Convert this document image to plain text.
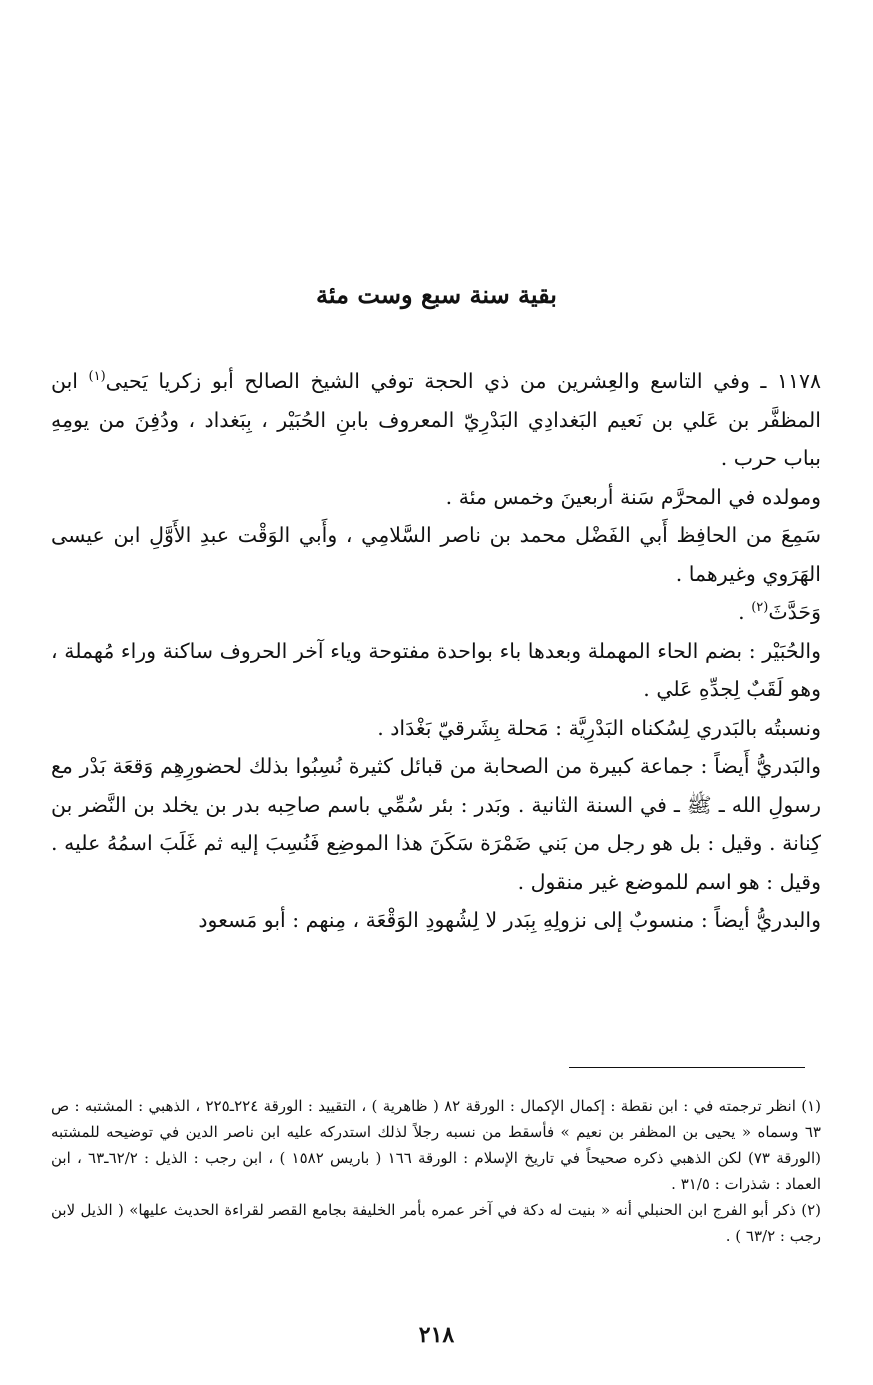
بقية سنة سبع وست مئة

١١٧٨ ـ وفي التاسع والعِشرين من ذي الحجة توفي الشيخ الصالح أبو زكريا يَحيى$^{(١)}$ ابن المظفَّر بن عَلي بن نَعيم البَغدادِي البَدْرِيّ المعروف بابنِ الحُبَيْر ، بِبَغداد ، ودُفِنَ من يومِهِ بباب حرب .

ومولده في المحرَّم سَنة أربعينَ وخمس مئة .

سَمِعَ من الحافِظ أَبي الفَضْل محمد بن ناصر السَّلامِي ، وأَبي الوَقْت عبدِ الأَوَّلِ ابن عيسى الهَرَوي وغيرهما .

وَحَدَّثَ$^{(٢)}$ .

والحُبَيْر : بضم الحاء المهملة وبعدها باء بواحدة مفتوحة وياء آخر الحروف ساكنة وراء مُهملة ، وهو لَقَبٌ لِجدِّهِ عَلي .

ونسبتُه بالبَدري لِسُكناه البَدْرِيَّة : مَحلة بِشَرقيّ بَغْدَاد .

والبَدريُّ أَيضاً : جماعة كبيرة من الصحابة من قبائل كثيرة نُسِبُوا بذلك لحضورِهِم وَقعَة بَدْر مع رسولِ الله ـ ﷺ ـ في السنة الثانية . وبَدر : بئر سُمِّي باسم صاحِبه بدر بن يخلد بن النَّضر بن كِنانة . وقيل : بل هو رجل من بَني ضَمْرَة سَكَنَ هذا الموضِع فَنُسِبَ إليه ثم غَلَبَ اسمُهُ عليه . وقيل : هو اسم للموضع غير منقول .

والبدريُّ أيضاً : منسوبٌ إلى نزولِهِ بِبَدر لا لِشُهودِ الوَقْعَة ، مِنهم : أبو مَسعود

(١) انظر ترجمته في : ابن نقطة : إكمال الإكمال : الورقة ٨٢ ( ظاهرية ) ، التقييد : الورقة ٢٢٤ـ٢٢٥ ، الذهبي : المشتبه : ص ٦٣ وسماه « يحيى بن المظفر بن نعيم » فأسقط من نسبه رجلاً لذلك استدركه عليه ابن ناصر الدين في توضيحه للمشتبه (الورقة ٧٣) لكن الذهبي ذكره صحيحاً في تاريخ الإسلام : الورقة ١٦٦ ( باريس ١٥٨٢ ) ، ابن رجب : الذيل : ٦٢/٢ـ٦٣ ، ابن العماد : شذرات : ٣١/٥ .

(٢) ذكر أبو الفرج ابن الحنبلي أنه « بنيت له دكة في آخر عمره بأمر الخليفة بجامع القصر لقراءة الحديث عليها» ( الذيل لابن رجب : ٦٣/٢ ) .

٢١٨
